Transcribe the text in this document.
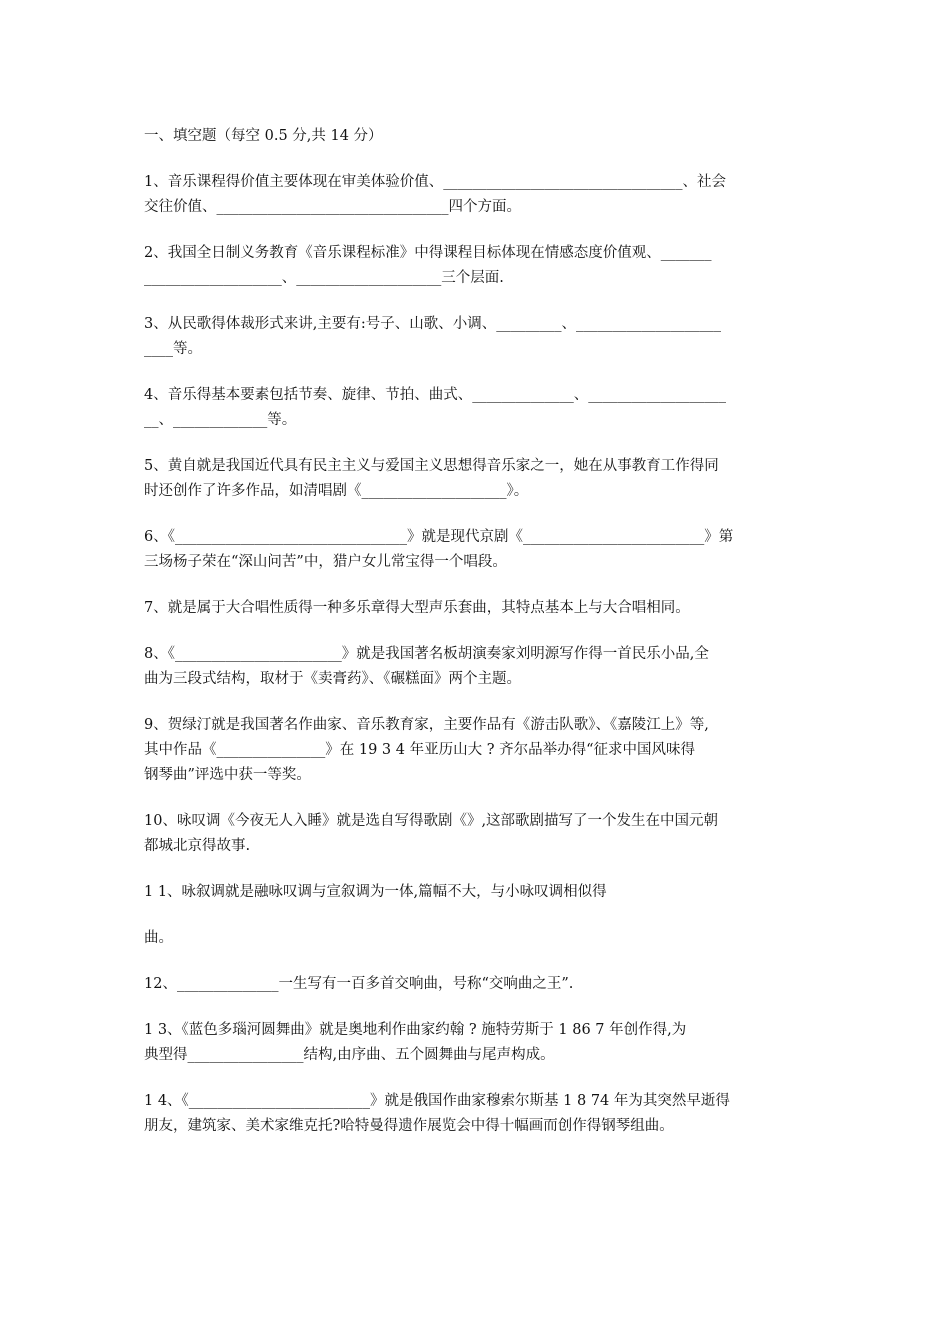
一、填空题（每空 0.5 分,共 14 分）
1、音乐课程得价值主要体现在审美体验价值、_________________________________、社会
交往价值、________________________________四个方面。
2、我国全日制义务教育《音乐课程标准》中得课程目标体现在情感态度价值观、_______
___________________、____________________三个层面.
3、从民歌得体裁形式来讲,主要有:号子、山歌、小调、_________、____________________
____等。
4、音乐得基本要素包括节奏、旋律、节拍、曲式、______________、___________________
__、_____________等。
5、黄自就是我国近代具有民主主义与爱国主义思想得音乐家之一，她在从事教育工作得同
时还创作了许多作品，如清唱剧《____________________》。
6、《________________________________》就是现代京剧《_________________________》第
三场杨子荣在“深山问苦”中，猎户女儿常宝得一个唱段。
7、就是属于大合唱性质得一种多乐章得大型声乐套曲，其特点基本上与大合唱相同。
8、《_______________________》就是我国著名板胡演奏家刘明源写作得一首民乐小品,全
曲为三段式结构，取材于《卖膏药》、《碾糕面》两个主题。
9、贺绿汀就是我国著名作曲家、音乐教育家，主要作品有《游击队歌》、《嘉陵江上》等,
其中作品《_______________》在 19 3 4 年亚历山大 ? 齐尔品举办得“征求中国风味得
钢琴曲”评选中获一等奖。
10、咏叹调《今夜无人入睡》就是选自写得歌剧《》,这部歌剧描写了一个发生在中国元朝
都城北京得故事.
1 1、咏叙调就是融咏叹调与宣叙调为一体,篇幅不大，与小咏叹调相似得
曲。
12、______________一生写有一百多首交响曲，号称“交响曲之王”.
1 3、《蓝色多瑙河圆舞曲》就是奥地利作曲家约翰 ? 施特劳斯于 1 86 7 年创作得,为
典型得________________结构,由序曲、五个圆舞曲与尾声构成。
1 4、《_________________________》就是俄国作曲家穆索尔斯基 1 8 74 年为其突然早逝得
朋友，建筑家、美术家维克托?哈特曼得遗作展览会中得十幅画而创作得钢琴组曲。
